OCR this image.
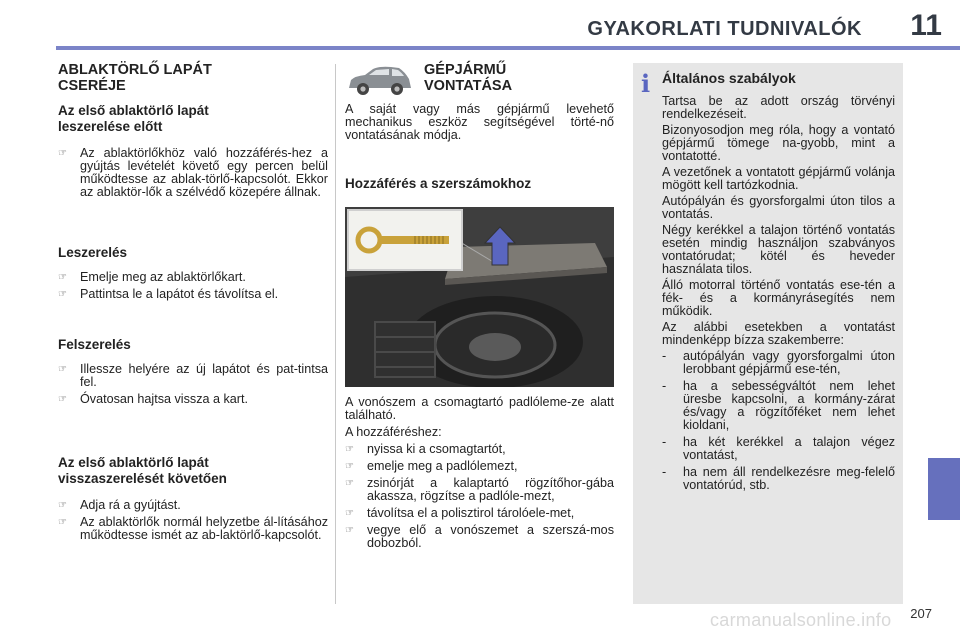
GYAKORLATI TUDNIVALÓK 11
ABLAKTÖRLŐ LAPÁT
CSERÉJE
Az első ablaktörlő lapát
leszerelése előtt
☞ Az ablaktörlőkhöz való hozzáférés-hez a gyújtás levételét követő egy percen belül működtesse az ablak-törlő-kapcsolót. Ekkor az ablaktör-lők a szélvédő közepére állnak.
Leszerelés
☞ Emelje meg az ablaktörlőkart.
☞ Pattintsa le a lapátot és távolítsa el.
Felszerelés
☞ Illessze helyére az új lapátot és pat-tintsa fel.
☞ Óvatosan hajtsa vissza a kart.
Az első ablaktörlő lapát
visszaszerelését követően
☞ Adja rá a gyújtást.
☞ Az ablaktörlők normál helyzetbe ál-lításához működtesse ismét az ab-laktörlő-kapcsolót.
GÉPJÁRMŰ
VONTATÁSA

A saját vagy más gépjármű levehető mechanikus eszköz segítségével törté-nő vontatásának módja.

Hozzáférés a szerszámokhoz

A vonószem a csomagtartó padlóleme-ze alatt található.

A hozzáféréshez:

☞ nyissa ki a csomagtartót,
☞ emelje meg a padlólemezt,
☞ zsinórját a kalaptartó rögzítőhor-gába akassza, rögzítse a padlóle-mezt,
☞ távolítsa el a polisztirol tárolóele-met,
☞ vegye elő a vonószemet a szerszá-mos dobozból.
i Általános szabályok

Tartsa be az adott ország törvényi rendelkezéseit.

Bizonyosodjon meg róla, hogy a vontató gépjármű tömege na-gyobb, mint a vontatotté.

A vezetőnek a vontatott gépjármű volánja mögött kell tartózkodnia.

Autópályán és gyorsforgalmi úton tilos a vontatás.

Négy kerékkel a talajon történő vontatás esetén mindig használjon szabványos vontatórudat; kötél és heveder használata tilos.

Álló motorral történő vontatás ese-tén a fék- és a kormányrásegítés nem működik.

Az alábbi esetekben a vontatást mindenképp bízza szakemberre:

- autópályán vagy gyorsforgalmi úton lerobbant gépjármű ese-tén,
- ha a sebességváltót nem lehet üresbe kapcsolni, a kormány-zárat és/vagy a rögzítőféket nem lehet kioldani,
- ha két kerékkel a talajon végez vontatást,
- ha nem áll rendelkezésre meg-felelő vontatórúd, stb.
carmanualsonline.info 207
